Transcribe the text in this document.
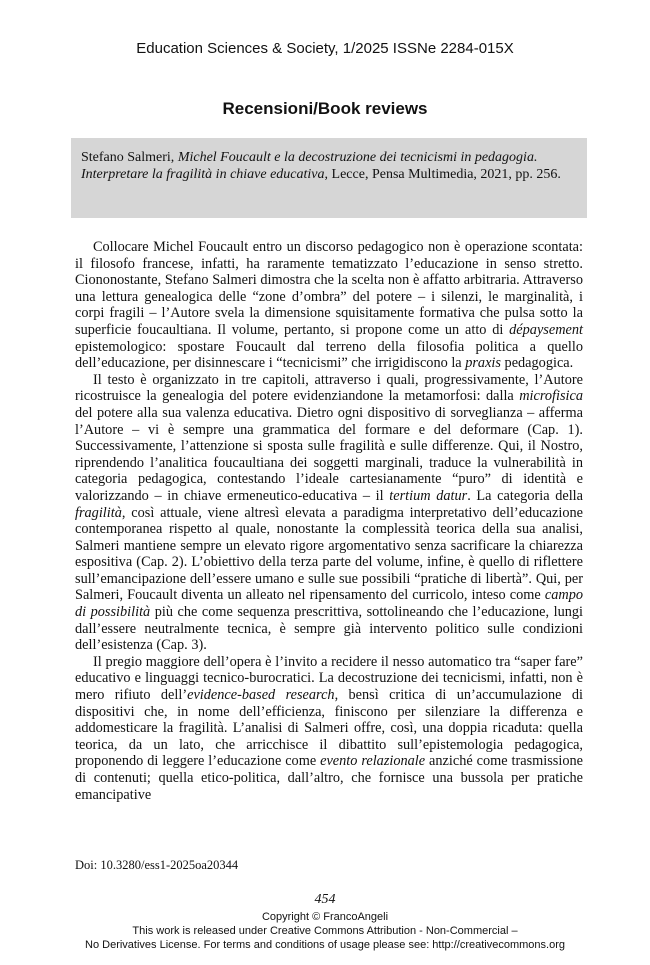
Education Sciences & Society, 1/2025 ISSNe 2284-015X
Recensioni/Book reviews
Stefano Salmeri, Michel Foucault e la decostruzione dei tecnicismi in pedagogia. Interpretare la fragilità in chiave educativa, Lecce, Pensa Multimedia, 2021, pp. 256.

Collocare Michel Foucault entro un discorso pedagogico non è operazione scontata: il filosofo francese, infatti, ha raramente tematizzato l’educazione in senso stretto. Ciononostante, Stefano Salmeri dimostra che la scelta non è affatto arbitraria. Attraverso una lettura genealogica delle “zone d’ombra” del potere – i silenzi, le marginalità, i corpi fragili – l’Autore svela la dimensione squisitamente formativa che pulsa sotto la superficie foucaultiana. Il volume, pertanto, si propone come un atto di dépaysement epistemologico: spostare Foucault dal terreno della filosofia politica a quello dell’educazione, per disinnescare i “tecnicismi” che irrigidiscono la praxis pedagogica.

Il testo è organizzato in tre capitoli, attraverso i quali, progressivamente, l’Autore ricostruisce la genealogia del potere evidenziandone la metamorfosi: dalla microfisica del potere alla sua valenza educativa. Dietro ogni dispositivo di sorveglianza – afferma l’Autore – vi è sempre una grammatica del formare e del deformare (Cap. 1). Successivamente, l’attenzione si sposta sulle fragilità e sulle differenze. Qui, il Nostro, riprendendo l’analitica foucaultiana dei soggetti marginali, traduce la vulnerabilità in categoria pedagogica, contestando l’ideale cartesianamente “puro” di identità e valorizzando – in chiave ermeneutico-educativa – il tertium datur. La categoria della fragilità, così attuale, viene altresì elevata a paradigma interpretativo dell’educazione contemporanea rispetto al quale, nonostante la complessità teorica della sua analisi, Salmeri mantiene sempre un elevato rigore argomentativo senza sacrificare la chiarezza espositiva (Cap. 2). L’obiettivo della terza parte del volume, infine, è quello di riflettere sull’emancipazione dell’essere umano e sulle sue possibili “pratiche di libertà”. Qui, per Salmeri, Foucault diventa un alleato nel ripensamento del curricolo, inteso come campo di possibilità più che come sequenza prescrittiva, sottolineando che l’educazione, lungi dall’essere neutralmente tecnica, è sempre già intervento politico sulle condizioni dell’esistenza (Cap. 3).

Il pregio maggiore dell’opera è l’invito a recidere il nesso automatico tra “saper fare” educativo e linguaggi tecnico-burocratici. La decostruzione dei tecnicismi, infatti, non è mero rifiuto dell’evidence-based research, bensì critica di un’accumulazione di dispositivi che, in nome dell’efficienza, finiscono per silenziare la differenza e addomesticare la fragilità. L’analisi di Salmeri offre, così, una doppia ricaduta: quella teorica, da un lato, che arricchisce il dibattito sull’epistemologia pedagogica, proponendo di leggere l’educazione come evento relazionale anziché come trasmissione di contenuti; quella etico-politica, dall’altro, che fornisce una bussola per pratiche emancipative

Doi: 10.3280/ess1-2025oa20344
454
Copyright © FrancoAngeli
This work is released under Creative Commons Attribution - Non-Commercial –
No Derivatives License. For terms and conditions of usage please see: http://creativecommons.org
